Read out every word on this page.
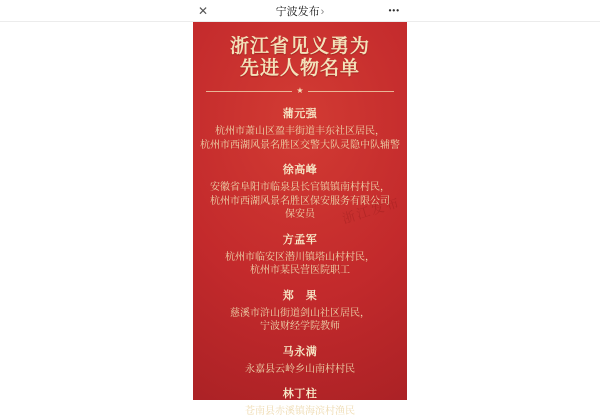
✕	宁波发布›	•••
浙江省见义勇为
先进人物名单
★
浙江发布
蒲元强
杭州市萧山区盈丰街道丰东社区居民，
杭州市西湖风景名胜区交警大队灵隐中队辅警
徐高峰
安徽省阜阳市临泉县长官镇镇南村村民，
杭州市西湖风景名胜区保安服务有限公司
保安员
方孟军
杭州市临安区潜川镇塔山村村民，
杭州市某民营医院职工
郑　果
慈溪市浒山街道剑山社区居民，
宁波财经学院教师
马永满
永嘉县云岭乡山南村村民
林丁柱
苍南县赤溪镇海滨村渔民
